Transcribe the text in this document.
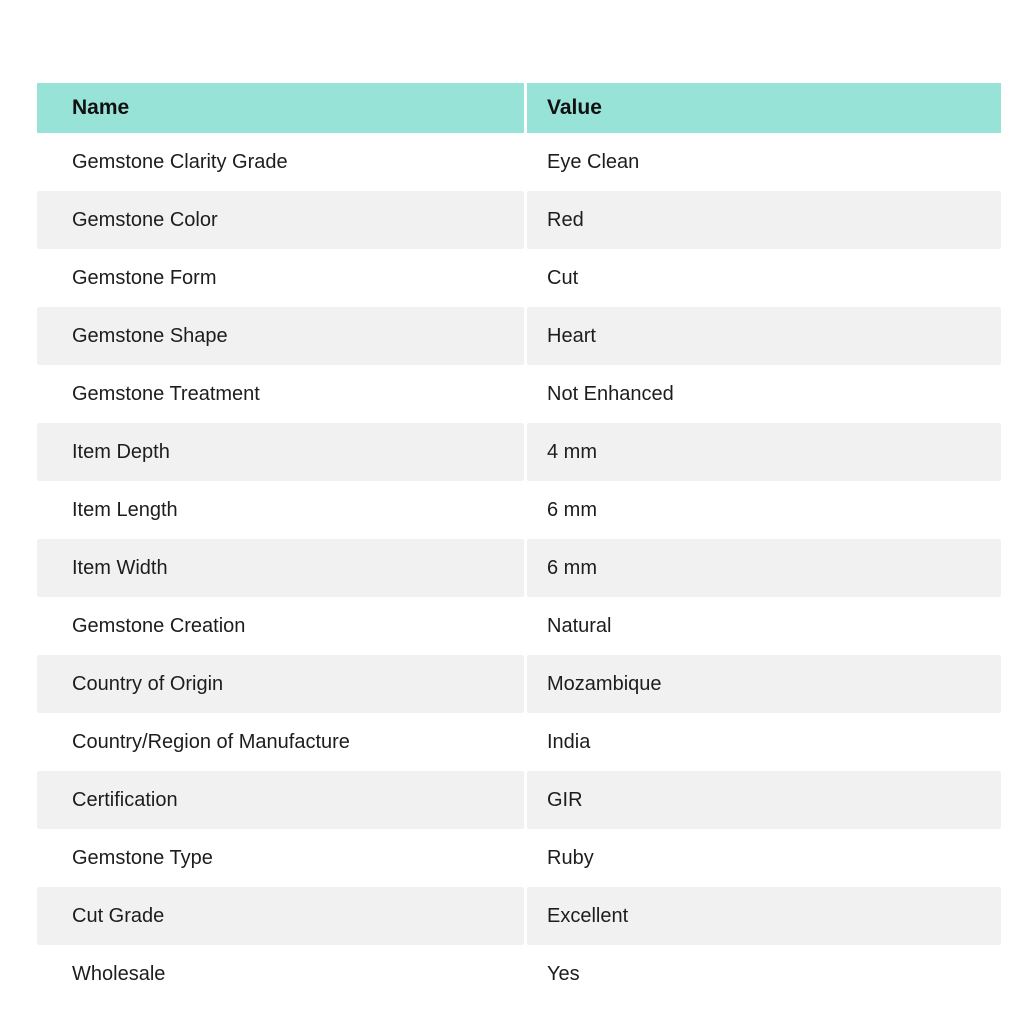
Name	Value
Gemstone Clarity Grade	Eye Clean
Gemstone Color	Red
Gemstone Form	Cut
Gemstone Shape	Heart
Gemstone Treatment	Not Enhanced
Item Depth	4 mm
Item Length	6 mm
Item Width	6 mm
Gemstone Creation	Natural
Country of Origin	Mozambique
Country/Region of Manufacture	India
Certification	GIR
Gemstone Type	Ruby
Cut Grade	Excellent
Wholesale	Yes
